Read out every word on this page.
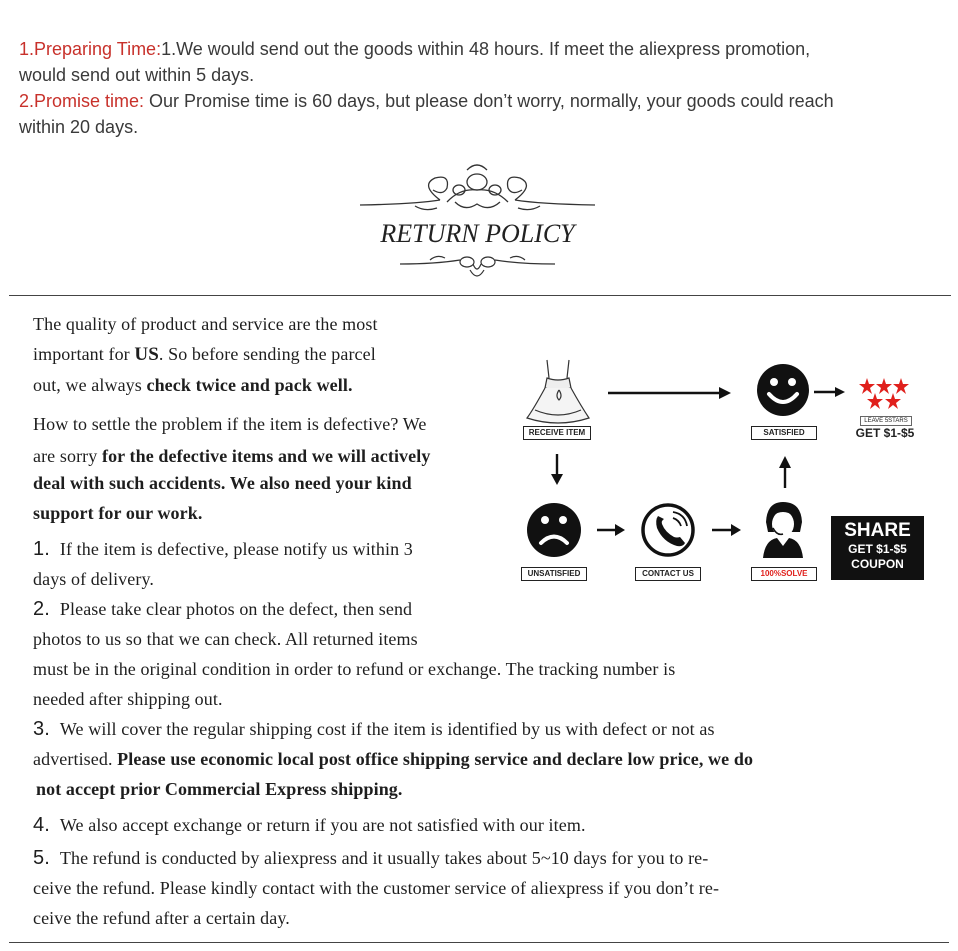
1.Preparing Time:1.We would send out the goods within 48 hours. If meet the aliexpress promotion,
would send out within 5 days.
2.Promise time: Our Promise time is 60 days, but please don’t worry, normally, your goods could reach
within 20 days.
RETURN POLICY
The quality of product and service are the most
important for US. So before sending the parcel
out, we always check twice and pack well.
How to settle the problem if the item is defective? We
are sorry for the defective items and we will actively
deal with such accidents. We also need your kind
support for our work.
1. If the item is defective, please notify us within 3
days of delivery.
2. Please take clear photos on the defect, then send
photos to us so that we can check. All returned items
must be in the original condition in order to refund or exchange. The tracking number is
needed after shipping out.
3. We will cover the regular shipping cost if the item is identified by us with defect or not as
advertised. Please use economic local post office shipping service and declare low price, we do
not accept prior Commercial Express shipping.
4. We also accept exchange or return if you are not satisfied with our item.
5. The refund is conducted by aliexpress and it usually takes about 5~10 days for you to re-
ceive the refund. Please kindly contact with the customer service of aliexpress if you don’t re-
ceive the refund after a certain day.
RECEIVE ITEM	SATISFIED
LEAVE 5STARS
GET $1-$5
UNSATISFIED	CONTACT US	100%SOLVE
SHARE
GET $1-$5
COUPON
